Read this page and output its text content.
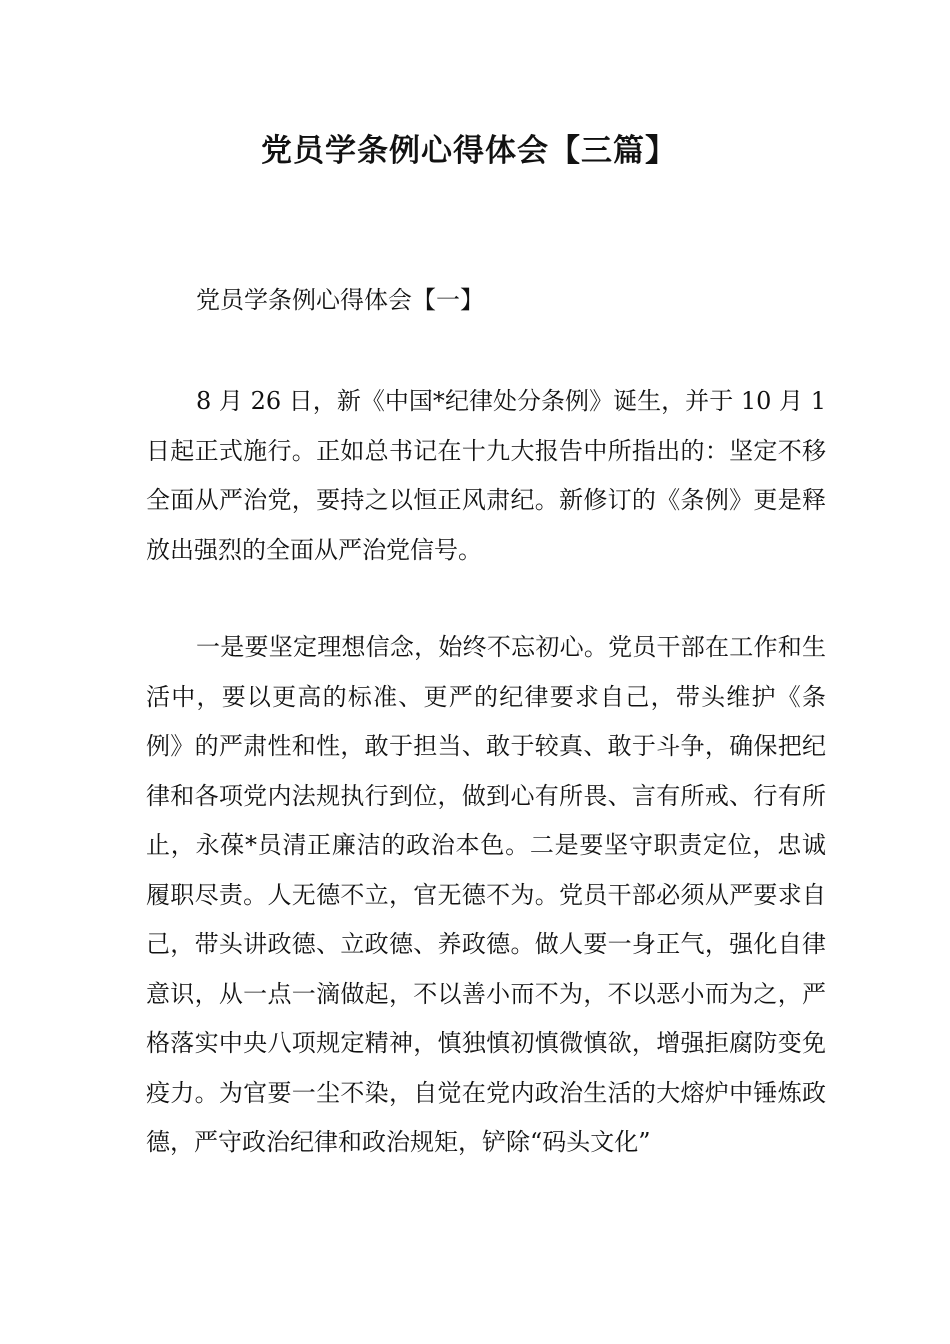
党员学条例心得体会【三篇】
党员学条例心得体会【一】

8 月 26 日，新《中国*纪律处分条例》诞生，并于 10 月 1 日起正式施行。正如总书记在十九大报告中所指出的：坚定不移全面从严治党，要持之以恒正风肃纪。新修订的《条例》更是释放出强烈的全面从严治党信号。

一是要坚定理想信念，始终不忘初心。党员干部在工作和生活中，要以更高的标准、更严的纪律要求自己，带头维护《条例》的严肃性和性，敢于担当、敢于较真、敢于斗争，确保把纪律和各项党内法规执行到位，做到心有所畏、言有所戒、行有所止，永葆*员清正廉洁的政治本色。二是要坚守职责定位，忠诚履职尽责。人无德不立，官无德不为。党员干部必须从严要求自己，带头讲政德、立政德、养政德。做人要一身正气，强化自律意识，从一点一滴做起，不以善小而不为，不以恶小而为之，严格落实中央八项规定精神，慎独慎初慎微慎欲，增强拒腐防变免疫力。为官要一尘不染，自觉在党内政治生活的大熔炉中锤炼政德，严守政治纪律和政治规矩，铲除“码头文化”
